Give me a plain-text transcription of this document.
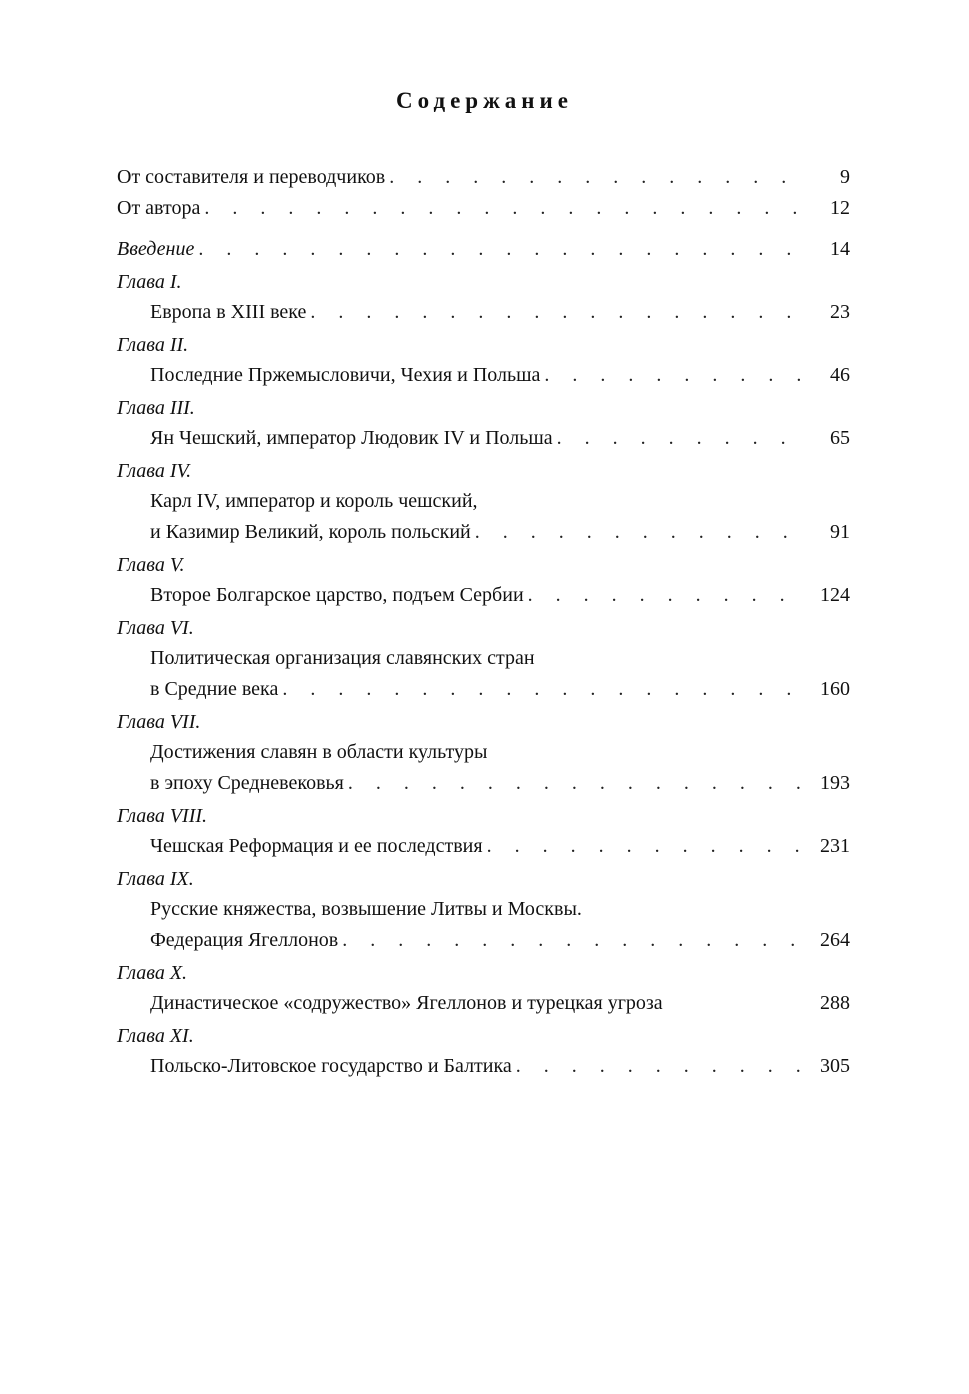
Содержание
От составителя и переводчиков . . .	9
От автора . . .	12
Введение . . .	14
Глава I.
Европа в XIII веке . . .	23
Глава II.
Последние Пржемысловичи, Чехия и Польша . . .	46
Глава III.
Ян Чешский, император Людовик IV и Польша . . .	65
Глава IV.
Карл IV, император и король чешский,
и Казимир Великий, король польский . . .	91
Глава V.
Второе Болгарское царство, подъем Сербии . . .	124
Глава VI.
Политическая организация славянских стран
в Средние века . . .	160
Глава VII.
Достижения славян в области культуры
в эпоху Средневековья . . .	193
Глава VIII.
Чешская Реформация и ее последствия . . .	231
Глава IX.
Русские княжества, возвышение Литвы и Москвы.
Федерация Ягеллонов . . .	264
Глава X.
Династическое «содружество» Ягеллонов и турецкая угроза	288
Глава XI.
Польско-Литовское государство и Балтика . . .	305
